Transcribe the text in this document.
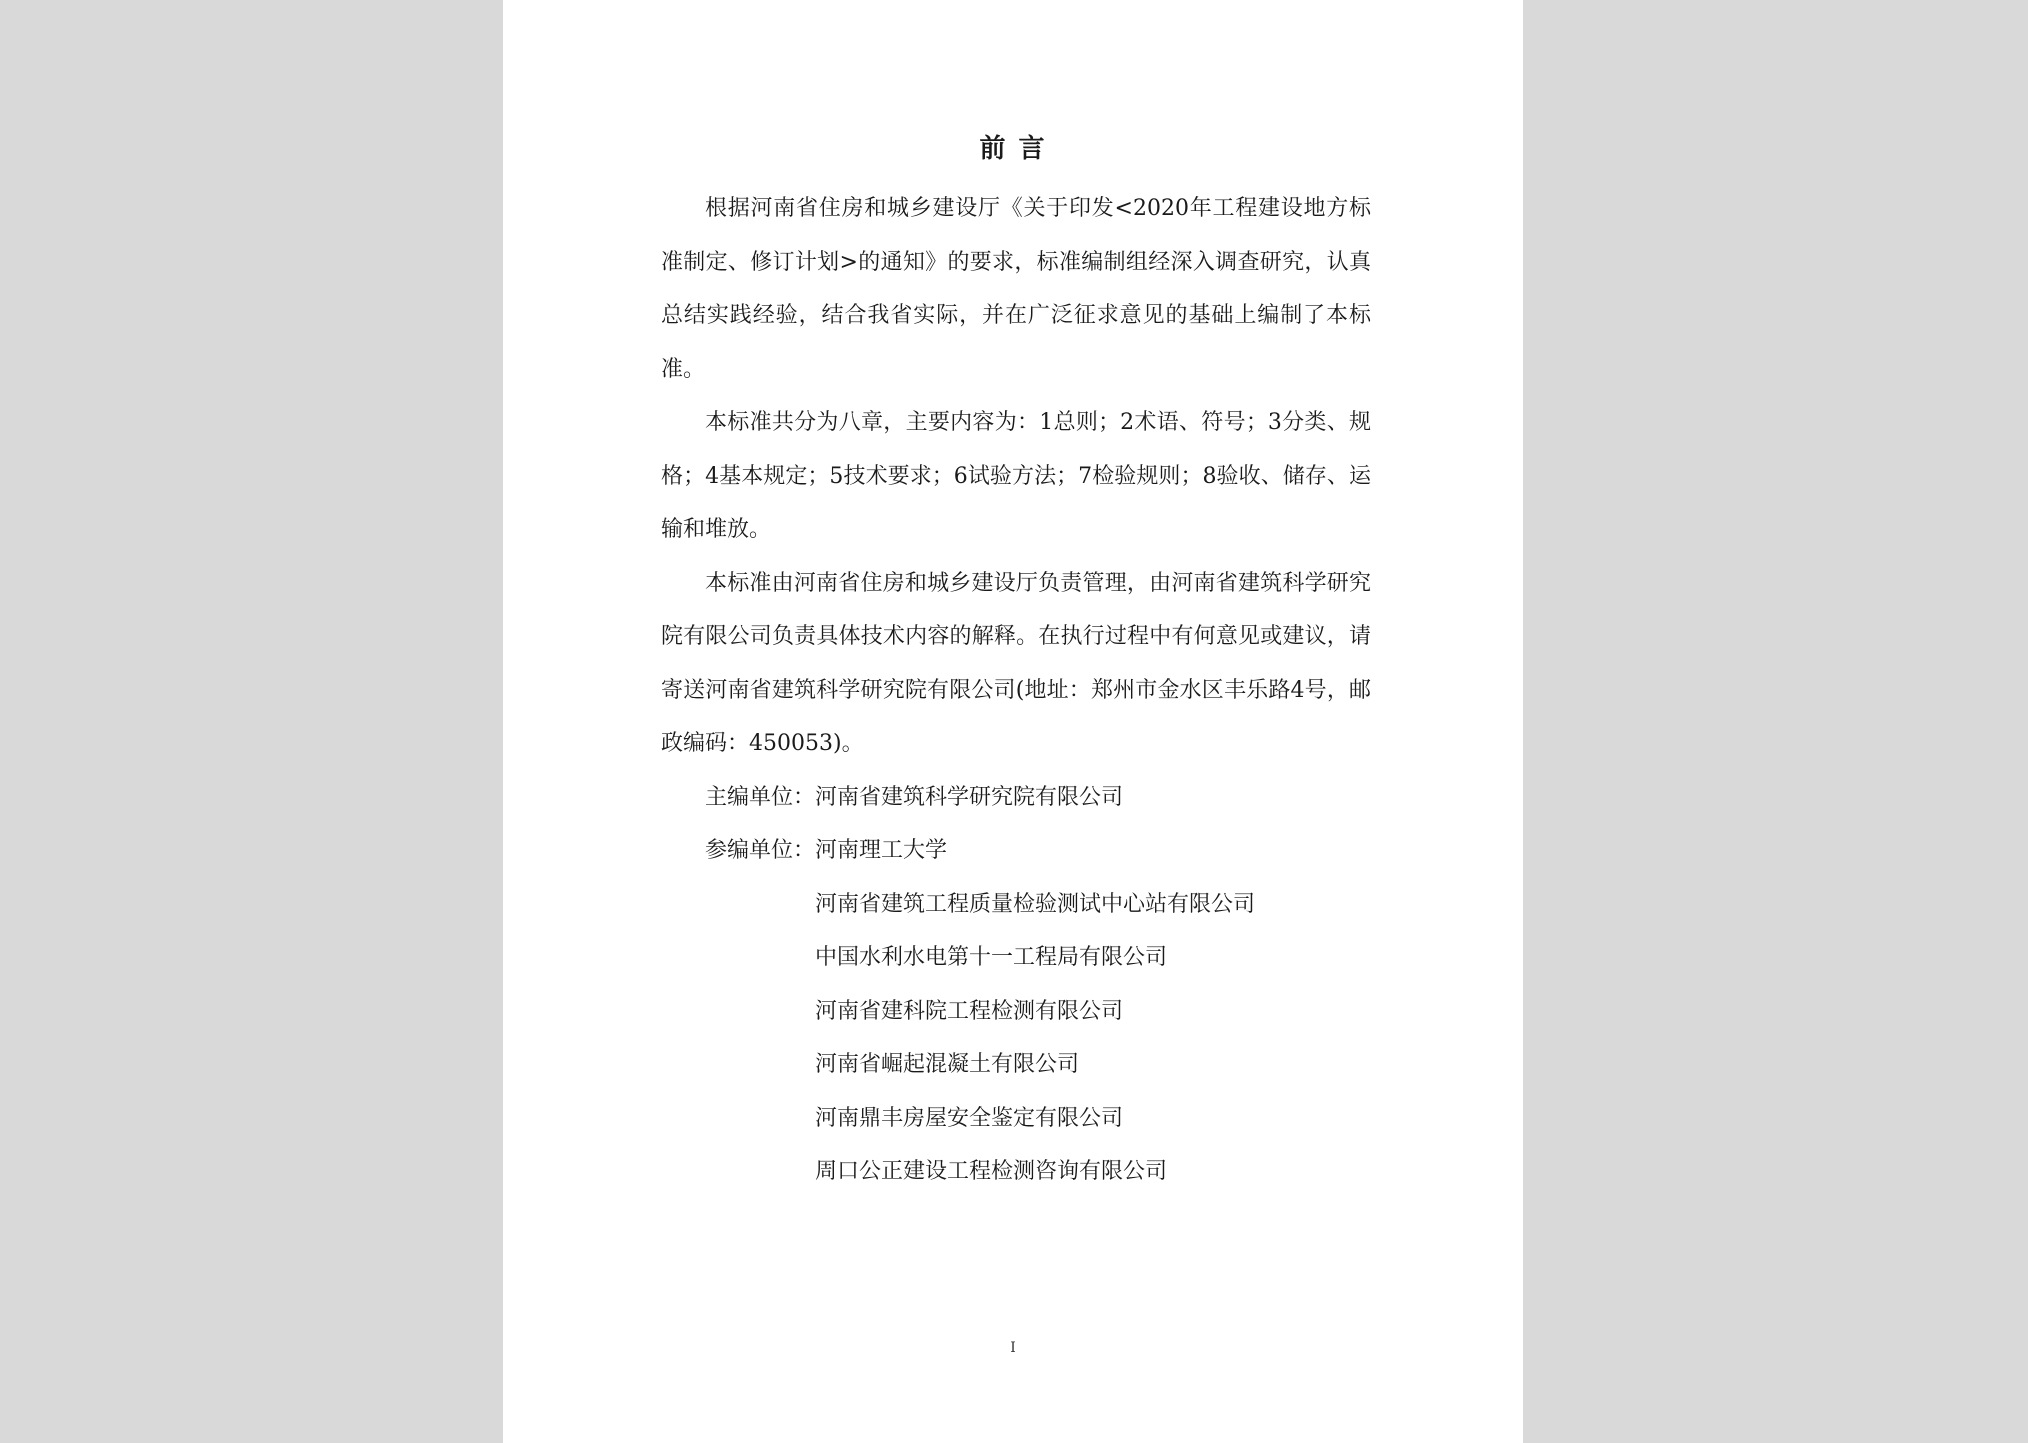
前 言

根据河南省住房和城乡建设厅《关于印发<2020年工程建设地方标准制定、修订计划>的通知》的要求，标准编制组经深入调查研究，认真总结实践经验，结合我省实际，并在广泛征求意见的基础上编制了本标准。

本标准共分为八章，主要内容为：1总则；2术语、符号；3分类、规格；4基本规定；5技术要求；6试验方法；7检验规则；8验收、储存、运输和堆放。

本标准由河南省住房和城乡建设厅负责管理，由河南省建筑科学研究院有限公司负责具体技术内容的解释。在执行过程中有何意见或建议，请寄送河南省建筑科学研究院有限公司(地址：郑州市金水区丰乐路4号，邮政编码：450053)。

主编单位： 河南省建筑科学研究院有限公司
参编单位： 河南理工大学
河南省建筑工程质量检验测试中心站有限公司
中国水利水电第十一工程局有限公司
河南省建科院工程检测有限公司
河南省崛起混凝土有限公司
河南鼎丰房屋安全鉴定有限公司
周口公正建设工程检测咨询有限公司
I
